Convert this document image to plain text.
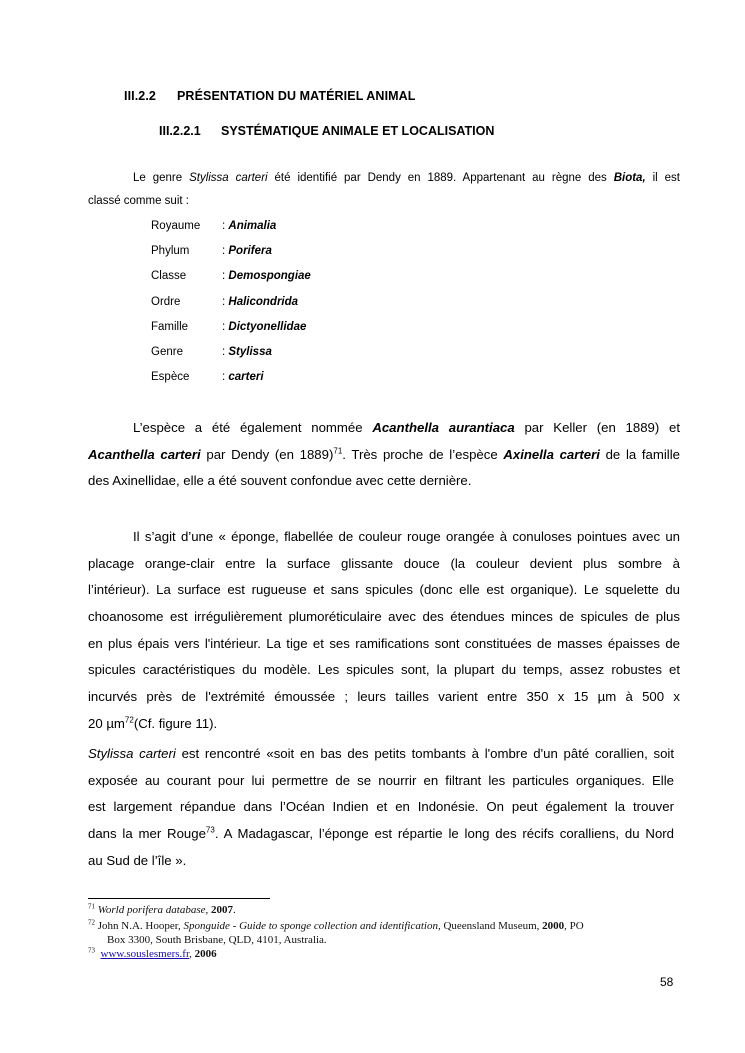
III.2.2 PRÉSENTATION DU MATÉRIEL ANIMAL
III.2.2.1 SYSTÉMATIQUE ANIMALE ET LOCALISATION
Le genre Stylissa carteri été identifié par Dendy en 1889. Appartenant au règne des Biota, il est
classé comme suit :
Royaume : Animalia
Phylum	: Porifera
Classe	: Demospongiae
Ordre	: Halicondrida
Famille	: Dictyonellidae
Genre	: Stylissa
Espèce	: carteri
L’espèce a été également nommée Acanthella aurantiaca par Keller (en 1889) et
Acanthella carteri par Dendy (en 1889)$^{71}$. Très proche de l’espèce Axinella carteri de la famille
des Axinellidae, elle a été souvent confondue avec cette dernière.
Il s’agit d’une « éponge, flabellée de couleur rouge orangée à conuloses pointues avec un
placage orange-clair entre la surface glissante douce (la couleur devient plus sombre à
l’intérieur). La surface est rugueuse et sans spicules (donc elle est organique). Le squelette du
choanosome est irrégulièrement plumoréticulaire avec des étendues minces de spicules de plus
en plus épais vers l'intérieur. La tige et ses ramifications sont constituées de masses épaisses de
spicules caractéristiques du modèle. Les spicules sont, la plupart du temps, assez robustes et
incurvés près de l'extrémité émoussée ; leurs tailles varient entre 350 x 15 µm à 500 x
20 µm$^{72}$(Cf. figure 11).
Stylissa carteri est rencontré «soit en bas des petits tombants à l'ombre d'un pâté corallien, soit
exposée au courant pour lui permettre de se nourrir en filtrant les particules organiques. Elle
est largement répandue dans l’Océan Indien et en Indonésie. On peut également la trouver
dans la mer Rouge$^{73}$. A Madagascar, l’éponge est répartie le long des récifs coralliens, du Nord
au Sud de l’île ».
$^{71}$ World porifera database, 2007.
$^{72}$ John N.A. Hooper, Sponguide - Guide to sponge collection and identification, Queensland Museum, 2000, PO
Box 3300, South Brisbane, QLD, 4101, Australia.
$^{73}$ www.souslesmers.fr, 2006
58
